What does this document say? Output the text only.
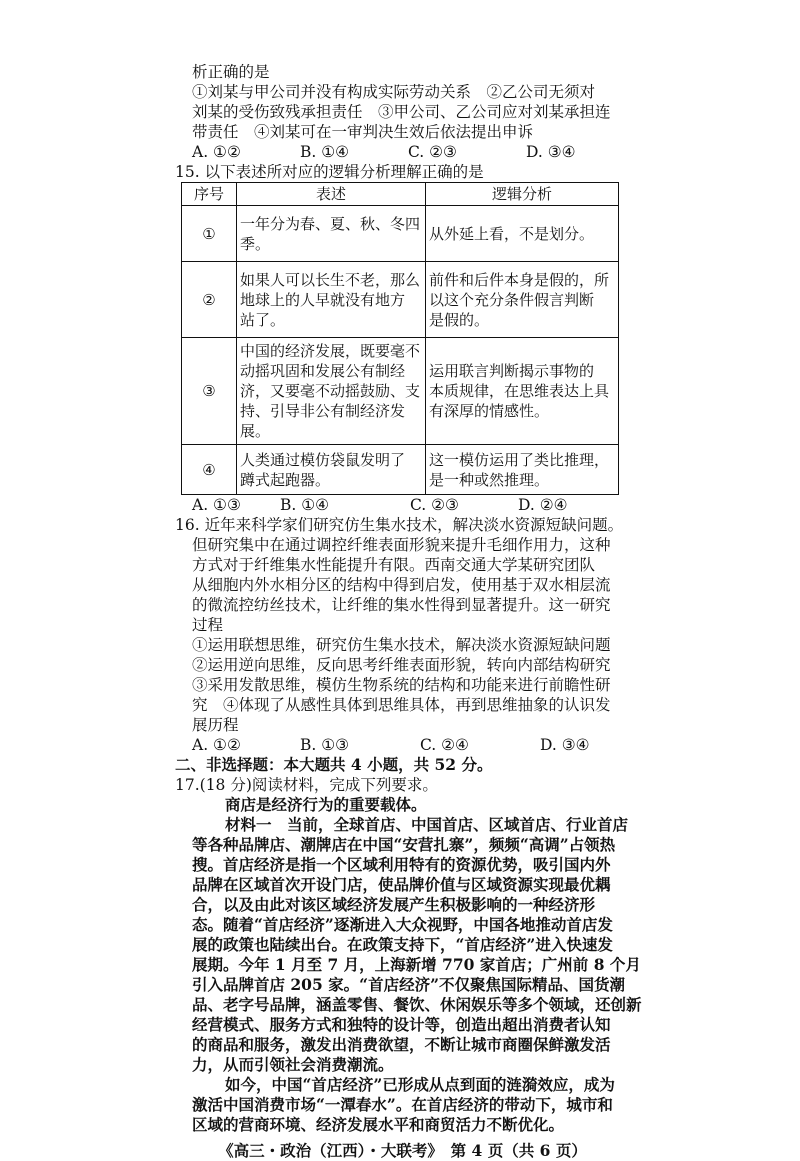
析正确的是
①刘某与甲公司并没有构成实际劳动关系　②乙公司无须对
刘某的受伤致残承担责任　③甲公司、乙公司应对刘某承担连
带责任　④刘某可在一审判决生效后依法提出申诉
A. ①②	B. ①④	C. ②③	D. ③④
15. 以下表述所对应的逻辑分析理解正确的是
序号	表述	逻辑分析
①	一年分为春、夏、秋、冬四
季。	从外延上看，不是划分。

②	如果人可以长生不老，那么
地球上的人早就没有地方
站了。	前件和后件本身是假的，所
以这个充分条件假言判断
是假的。

③	中国的经济发展，既要毫不
动摇巩固和发展公有制经
济，又要毫不动摇鼓励、支
持、引导非公有制经济发
展。	运用联言判断揭示事物的
本质规律，在思维表达上具
有深厚的情感性。

④	人类通过模仿袋鼠发明了
蹲式起跑器。	这一模仿运用了类比推理，
是一种或然推理。
A. ①③	B. ①④	C. ②③	D. ②④
16. 近年来科学家们研究仿生集水技术，解决淡水资源短缺问题。
但研究集中在通过调控纤维表面形貌来提升毛细作用力，这种
方式对于纤维集水性能提升有限。西南交通大学某研究团队
从细胞内外水相分区的结构中得到启发，使用基于双水相层流
的微流控纺丝技术，让纤维的集水性得到显著提升。这一研究
过程
①运用联想思维，研究仿生集水技术，解决淡水资源短缺问题
②运用逆向思维，反向思考纤维表面形貌，转向内部结构研究
③采用发散思维，模仿生物系统的结构和功能来进行前瞻性研
究　④体现了从感性具体到思维具体，再到思维抽象的认识发
展历程
A. ①②	B. ①③	C. ②④	D. ③④
二、非选择题：本大题共 4 小题，共 52 分。
17.(18 分)阅读材料，完成下列要求。
商店是经济行为的重要载体。
材料一　当前，全球首店、中国首店、区域首店、行业首店
等各种品牌店、潮牌店在中国“安营扎寨”，频频“高调”占领热
搜。首店经济是指一个区域利用特有的资源优势，吸引国内外
品牌在区域首次开设门店，使品牌价值与区域资源实现最优耦
合，以及由此对该区域经济发展产生积极影响的一种经济形
态。随着“首店经济”逐渐进入大众视野，中国各地推动首店发
展的政策也陆续出台。在政策支持下，“首店经济”进入快速发
展期。今年 1 月至 7 月，上海新增 770 家首店；广州前 8 个月
引入品牌首店 205 家。“首店经济”不仅聚焦国际精品、国货潮
品、老字号品牌，涵盖零售、餐饮、休闲娱乐等多个领域，还创新
经营模式、服务方式和独特的设计等，创造出超出消费者认知
的商品和服务，激发出消费欲望，不断让城市商圈保鲜激发活
力，从而引领社会消费潮流。
如今，中国“首店经济”已形成从点到面的涟漪效应，成为
激活中国消费市场“一潭春水”。在首店经济的带动下，城市和
区域的营商环境、经济发展水平和商贸活力不断优化。
《高三・政治（江西）・大联考》　第 4 页（共 6 页）
